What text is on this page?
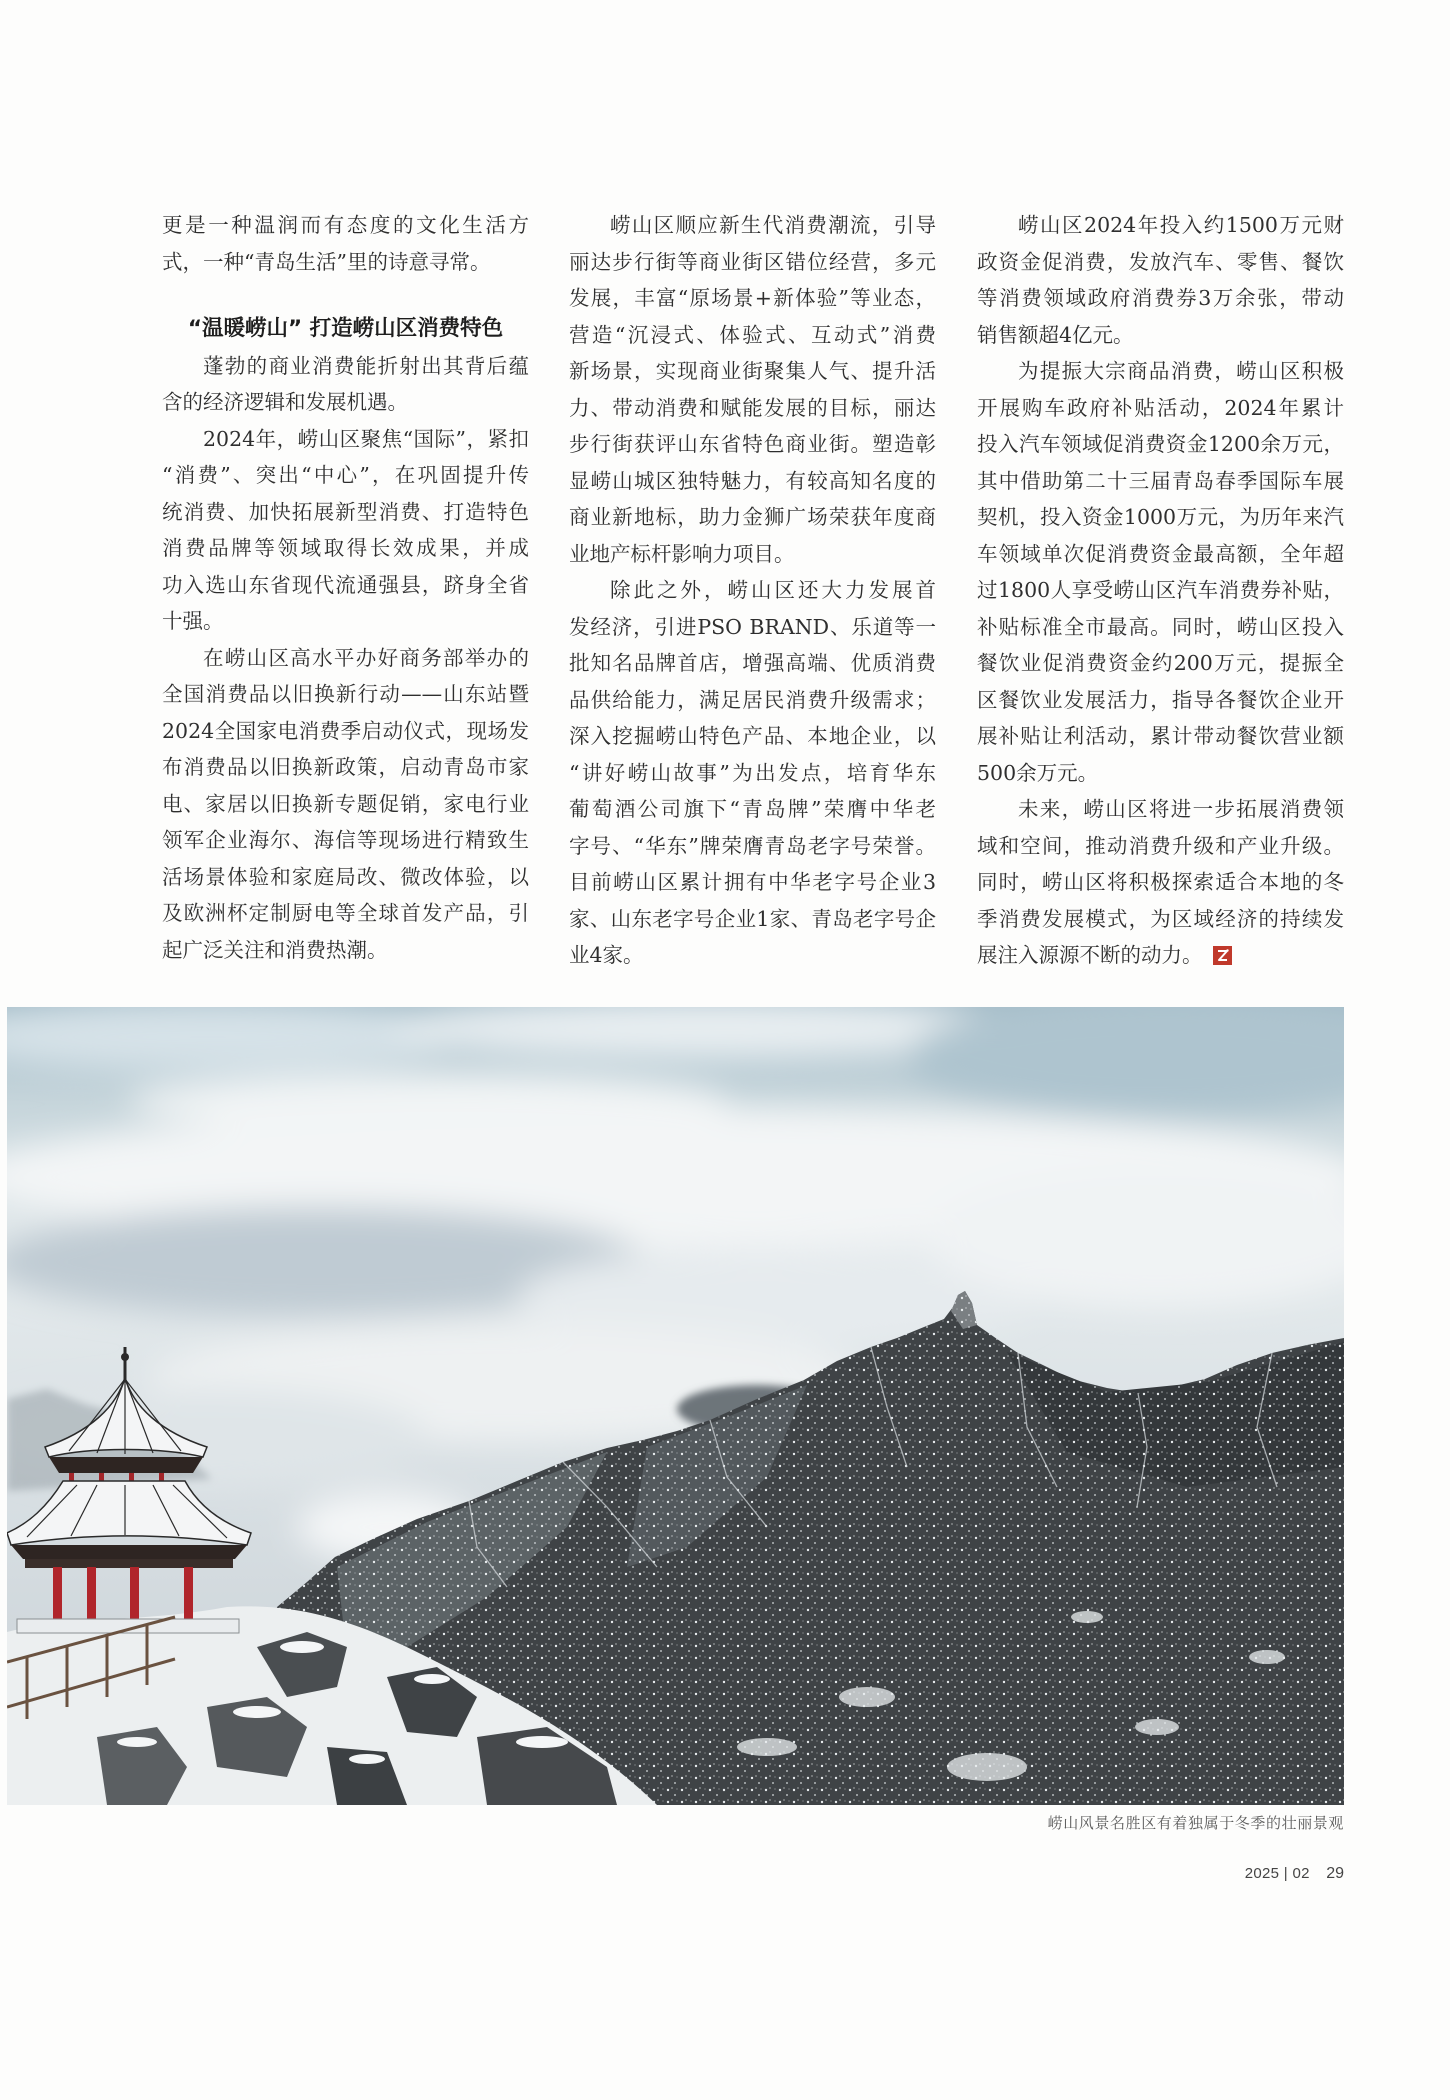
更是一种温润而有态度的文化生活方
式，一种“青岛生活”里的诗意寻常。
“温暖崂山” 打造崂山区消费特色
蓬勃的商业消费能折射出其背后蕴
含的经济逻辑和发展机遇。
2024年，崂山区聚焦“国际”，紧扣
“消费”、突出“中心”，在巩固提升传
统消费、加快拓展新型消费、打造特色
消费品牌等领域取得长效成果，并成
功入选山东省现代流通强县，跻身全省
十强。
在崂山区高水平办好商务部举办的
全国消费品以旧换新行动——山东站暨
2024全国家电消费季启动仪式，现场发
布消费品以旧换新政策，启动青岛市家
电、家居以旧换新专题促销，家电行业
领军企业海尔、海信等现场进行精致生
活场景体验和家庭局改、微改体验，以
及欧洲杯定制厨电等全球首发产品，引
起广泛关注和消费热潮。
崂山区顺应新生代消费潮流，引导
丽达步行街等商业街区错位经营，多元
发展，丰富“原场景+新体验”等业态，
营造“沉浸式、体验式、互动式”消费
新场景，实现商业街聚集人气、提升活
力、带动消费和赋能发展的目标，丽达
步行街获评山东省特色商业街。塑造彰
显崂山城区独特魅力，有较高知名度的
商业新地标，助力金狮广场荣获年度商
业地产标杆影响力项目。
除此之外，崂山区还大力发展首
发经济，引进PSO BRAND、乐道等一
批知名品牌首店，增强高端、优质消费
品供给能力，满足居民消费升级需求；
深入挖掘崂山特色产品、本地企业，以
“讲好崂山故事”为出发点，培育华东
葡萄酒公司旗下“青岛牌”荣膺中华老
字号、“华东”牌荣膺青岛老字号荣誉。
目前崂山区累计拥有中华老字号企业3
家、山东老字号企业1家、青岛老字号企
业4家。
崂山区2024年投入约1500万元财
政资金促消费，发放汽车、零售、餐饮
等消费领域政府消费券3万余张，带动
销售额超4亿元。
为提振大宗商品消费，崂山区积极
开展购车政府补贴活动，2024年累计
投入汽车领域促消费资金1200余万元，
其中借助第二十三届青岛春季国际车展
契机，投入资金1000万元，为历年来汽
车领域单次促消费资金最高额，全年超
过1800人享受崂山区汽车消费券补贴，
补贴标准全市最高。同时，崂山区投入
餐饮业促消费资金约200万元，提振全
区餐饮业发展活力，指导各餐饮企业开
展补贴让利活动，累计带动餐饮营业额
500余万元。
未来，崂山区将进一步拓展消费领
域和空间，推动消费升级和产业升级。
同时，崂山区将积极探索适合本地的冬
季消费发展模式，为区域经济的持续发
展注入源源不断的动力。
崂山风景名胜区有着独属于冬季的壮丽景观
2025 | 02 29
